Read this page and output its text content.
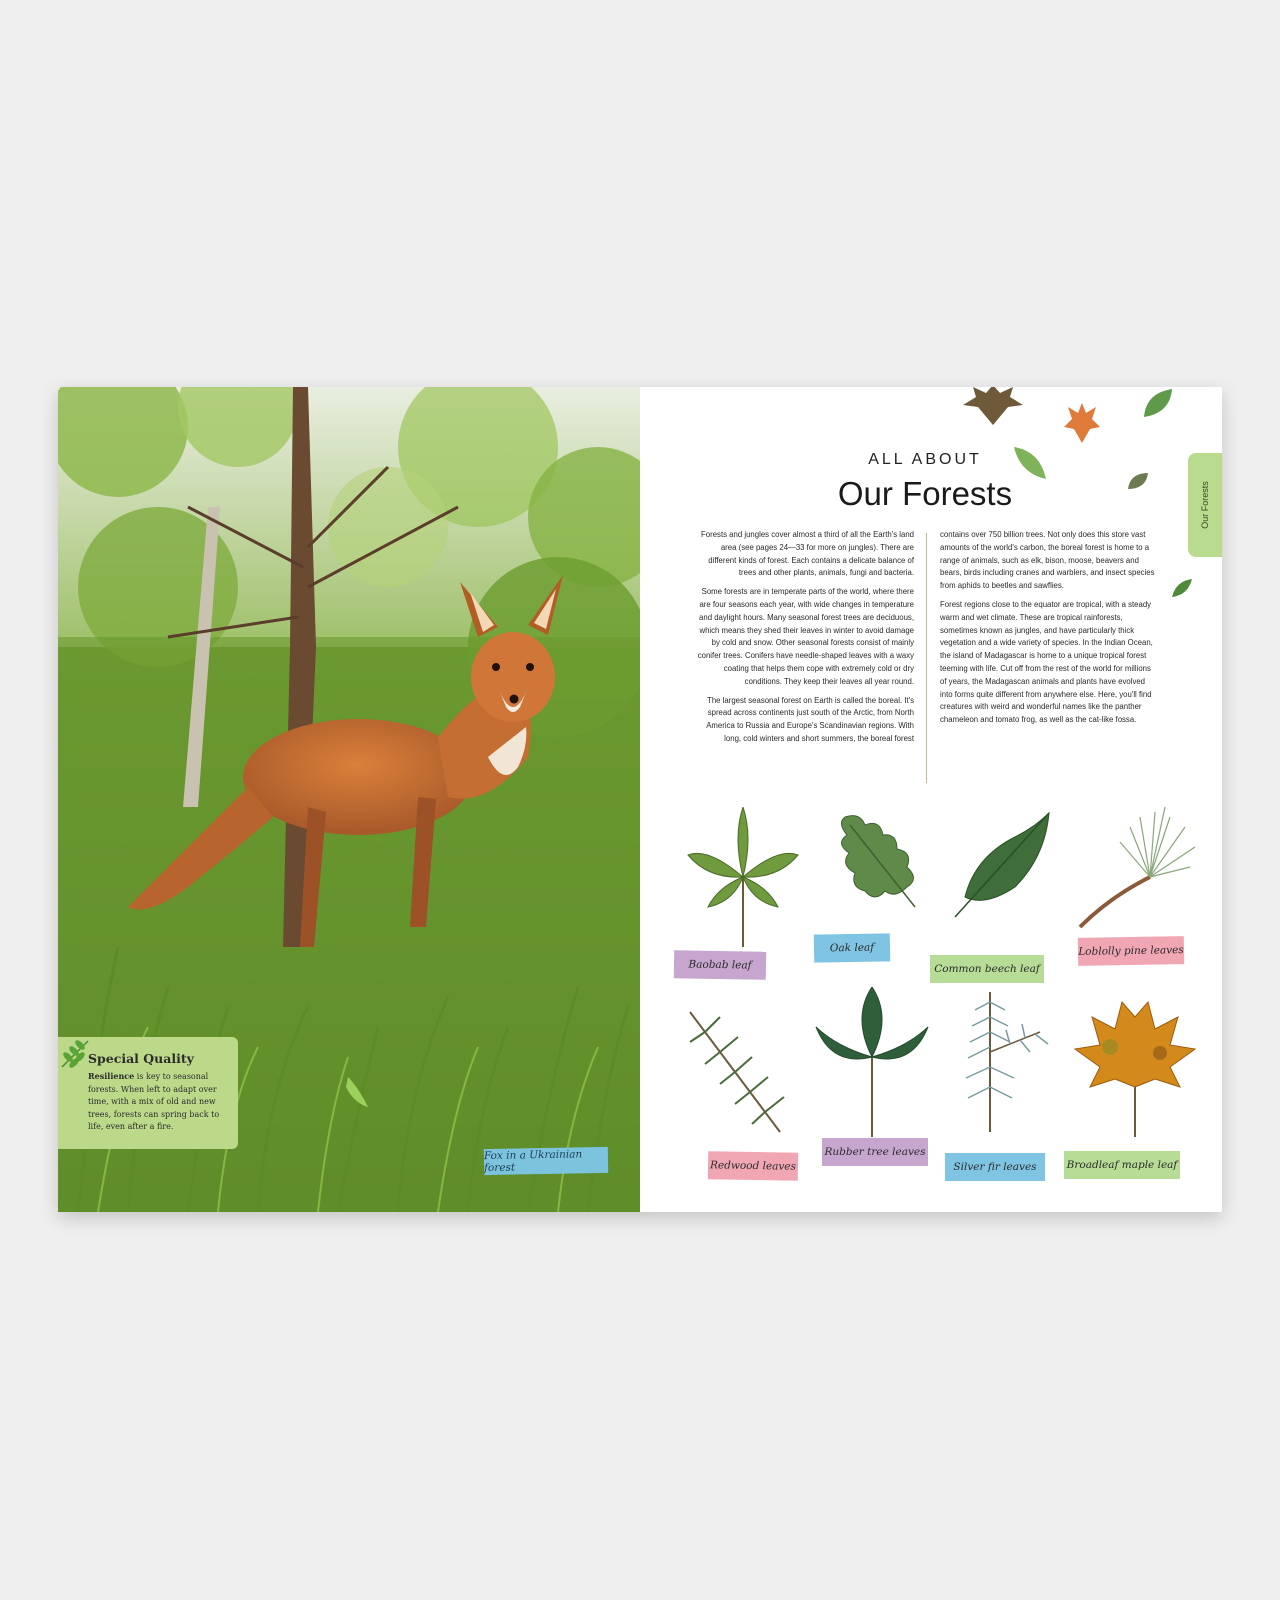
Special Quality
Resilience is key to seasonal forests. When left to adapt over time, with a mix of old and new trees, forests can spring back to life, even after a fire.
Fox in a Ukrainian forest
ALL ABOUT
Our Forests	Our Forests

Forests and jungles cover almost a third of all the Earth's land area (see pages 24—33 for more on jungles). There are different kinds of forest. Each contains a delicate balance of trees and other plants, animals, fungi and bacteria.

Some forests are in temperate parts of the world, where there are four seasons each year, with wide changes in temperature and daylight hours. Many seasonal forest trees are deciduous, which means they shed their leaves in winter to avoid damage by cold and snow. Other seasonal forests consist of mainly conifer trees. Conifers have needle-shaped leaves with a waxy coating that helps them cope with extremely cold or dry conditions. They keep their leaves all year round.

The largest seasonal forest on Earth is called the boreal. It's spread across continents just south of the Arctic, from North America to Russia and Europe's Scandinavian regions. With long, cold winters and short summers, the boreal forest

contains over 750 billion trees. Not only does this store vast amounts of the world's carbon, the boreal forest is home to a range of animals, such as elk, bison, moose, beavers and bears, birds including cranes and warblers, and insect species from aphids to beetles and sawflies.

Forest regions close to the equator are tropical, with a steady warm and wet climate. These are tropical rainforests, sometimes known as jungles, and have particularly thick vegetation and a wide variety of species. In the Indian Ocean, the island of Madagascar is home to a unique tropical forest teeming with life. Cut off from the rest of the world for millions of years, the Madagascan animals and plants have evolved into forms quite different from anywhere else. Here, you'll find creatures with weird and wonderful names like the panther chameleon and tomato frog, as well as the cat-like fossa.

Baobab leaf
Oak leaf
Common beech leaf
Loblolly pine leaves
Redwood leaves
Rubber tree leaves
Silver fir leaves	Broadleaf maple leaf
